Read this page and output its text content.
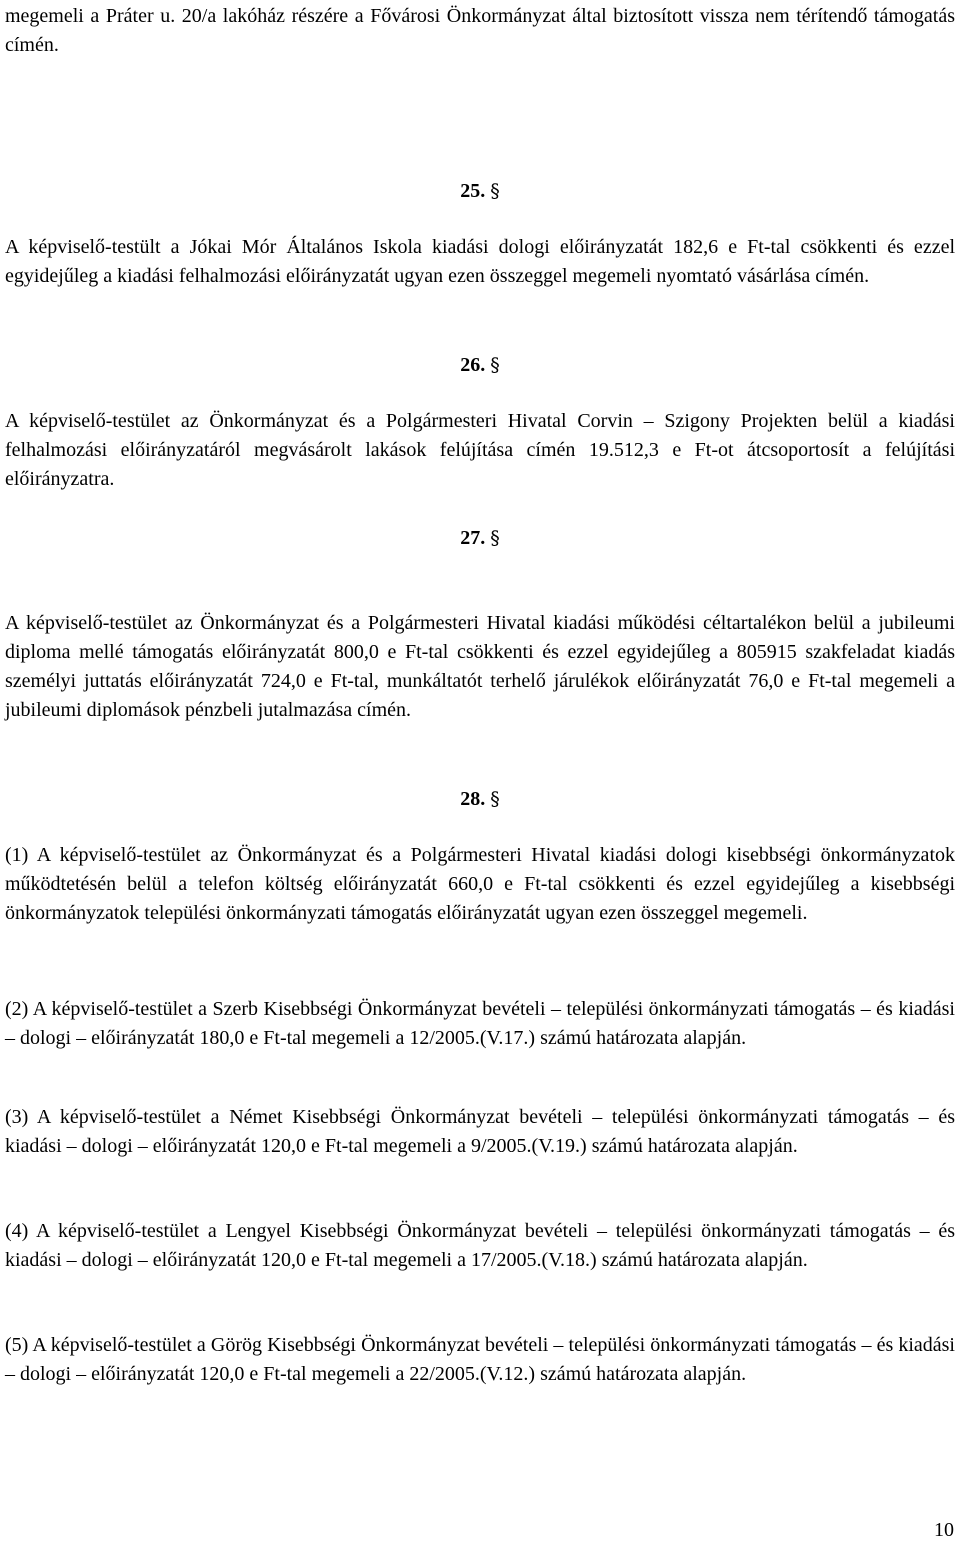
megemeli a Práter u. 20/a lakóház részére a Fővárosi Önkormányzat által biztosított vissza nem térítendő támogatás címén.

25. §

A képviselő-testült a Jókai Mór Általános Iskola kiadási dologi előirányzatát 182,6 e Ft-tal csökkenti és ezzel egyidejűleg a kiadási felhalmozási előirányzatát ugyan ezen összeggel megemeli nyomtató vásárlása címén.

26. §

A képviselő-testület az Önkormányzat és a Polgármesteri Hivatal Corvin – Szigony Projekten belül a kiadási felhalmozási előirányzatáról megvásárolt lakások felújítása címén 19.512,3 e Ft-ot átcsoportosít a felújítási előirányzatra.

27. §

A képviselő-testület az Önkormányzat és a Polgármesteri Hivatal kiadási működési céltartalékon belül a jubileumi diploma mellé támogatás előirányzatát 800,0 e Ft-tal csökkenti és ezzel egyidejűleg a 805915 szakfeladat kiadás személyi juttatás előirányzatát 724,0 e Ft-tal, munkáltatót terhelő járulékok előirányzatát 76,0 e Ft-tal megemeli a jubileumi diplomások pénzbeli jutalmazása címén.

28. §

(1) A képviselő-testület az Önkormányzat és a Polgármesteri Hivatal kiadási dologi kisebbségi önkormányzatok működtetésén belül a telefon költség előirányzatát 660,0 e Ft-tal csökkenti és ezzel egyidejűleg a kisebbségi önkormányzatok települési önkormányzati támogatás előirányzatát ugyan ezen összeggel megemeli.

(2) A képviselő-testület a Szerb Kisebbségi Önkormányzat bevételi – települési önkormányzati támogatás – és kiadási – dologi – előirányzatát 180,0 e Ft-tal megemeli a 12/2005.(V.17.) számú határozata alapján.

(3) A képviselő-testület a Német Kisebbségi Önkormányzat bevételi – települési önkormányzati támogatás – és kiadási – dologi – előirányzatát 120,0 e Ft-tal megemeli a 9/2005.(V.19.) számú határozata alapján.

(4) A képviselő-testület a Lengyel Kisebbségi Önkormányzat bevételi – települési önkormányzati támogatás – és kiadási – dologi – előirányzatát 120,0 e Ft-tal megemeli a 17/2005.(V.18.) számú határozata alapján.

(5) A képviselő-testület a Görög Kisebbségi Önkormányzat bevételi – települési önkormányzati támogatás – és kiadási – dologi – előirányzatát 120,0 e Ft-tal megemeli a 22/2005.(V.12.) számú határozata alapján.

10
